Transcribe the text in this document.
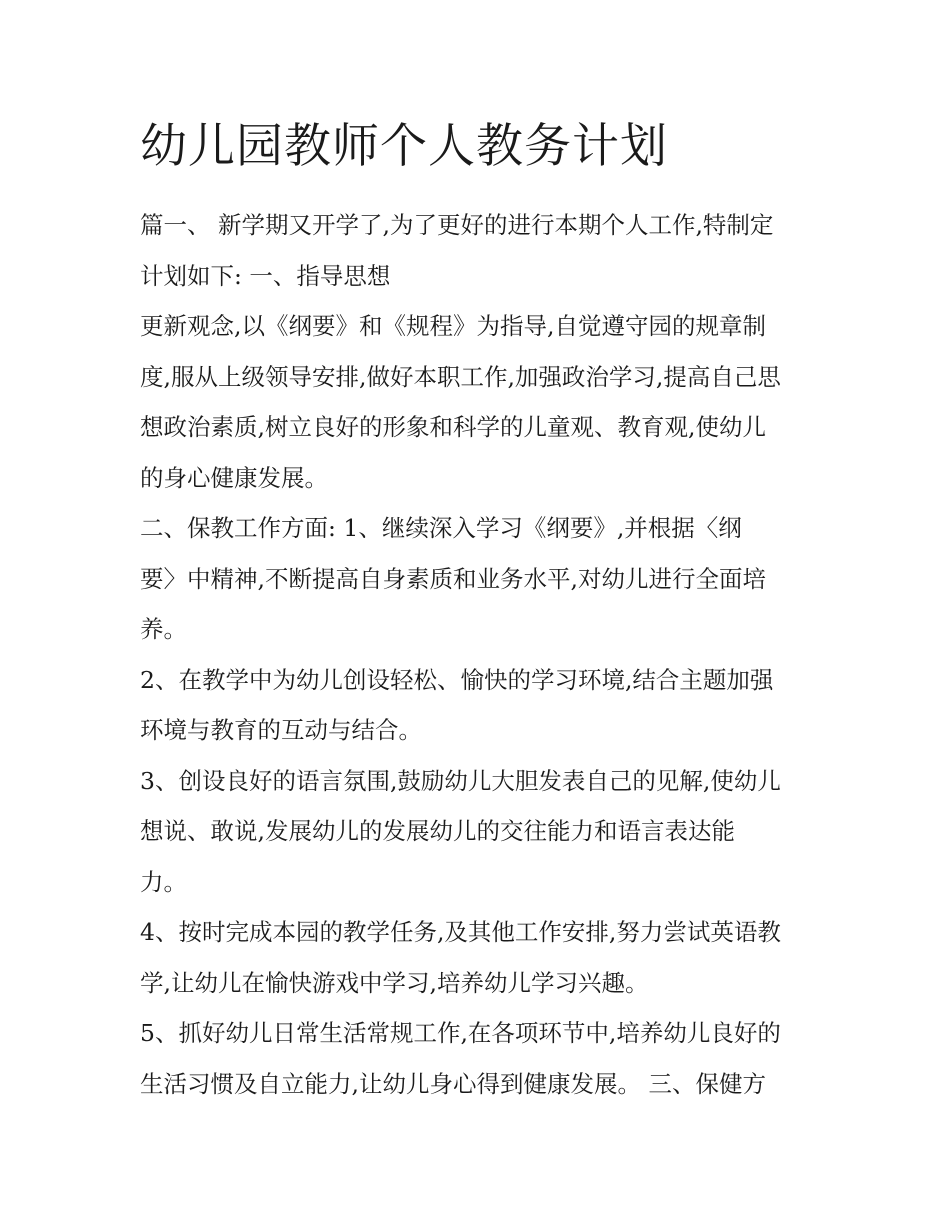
幼儿园教师个人教务计划
篇一、 新学期又开学了,为了更好的进行本期个人工作,特制定
计划如下: 一、指导思想
更新观念,以《纲要》和《规程》为指导,自觉遵守园的规章制
度,服从上级领导安排,做好本职工作,加强政治学习,提高自己思
想政治素质,树立良好的形象和科学的儿童观、教育观,使幼儿
的身心健康发展。
二、保教工作方面: 1、继续深入学习《纲要》,并根据〈纲
要〉中精神,不断提高自身素质和业务水平,对幼儿进行全面培
养。
2、在教学中为幼儿创设轻松、愉快的学习环境,结合主题加强
环境与教育的互动与结合。
3、创设良好的语言氛围,鼓励幼儿大胆发表自己的见解,使幼儿
想说、敢说,发展幼儿的发展幼儿的交往能力和语言表达能
力。
4、按时完成本园的教学任务,及其他工作安排,努力尝试英语教
学,让幼儿在愉快游戏中学习,培养幼儿学习兴趣。
5、抓好幼儿日常生活常规工作,在各项环节中,培养幼儿良好的
生活习惯及自立能力,让幼儿身心得到健康发展。 三、保健方
